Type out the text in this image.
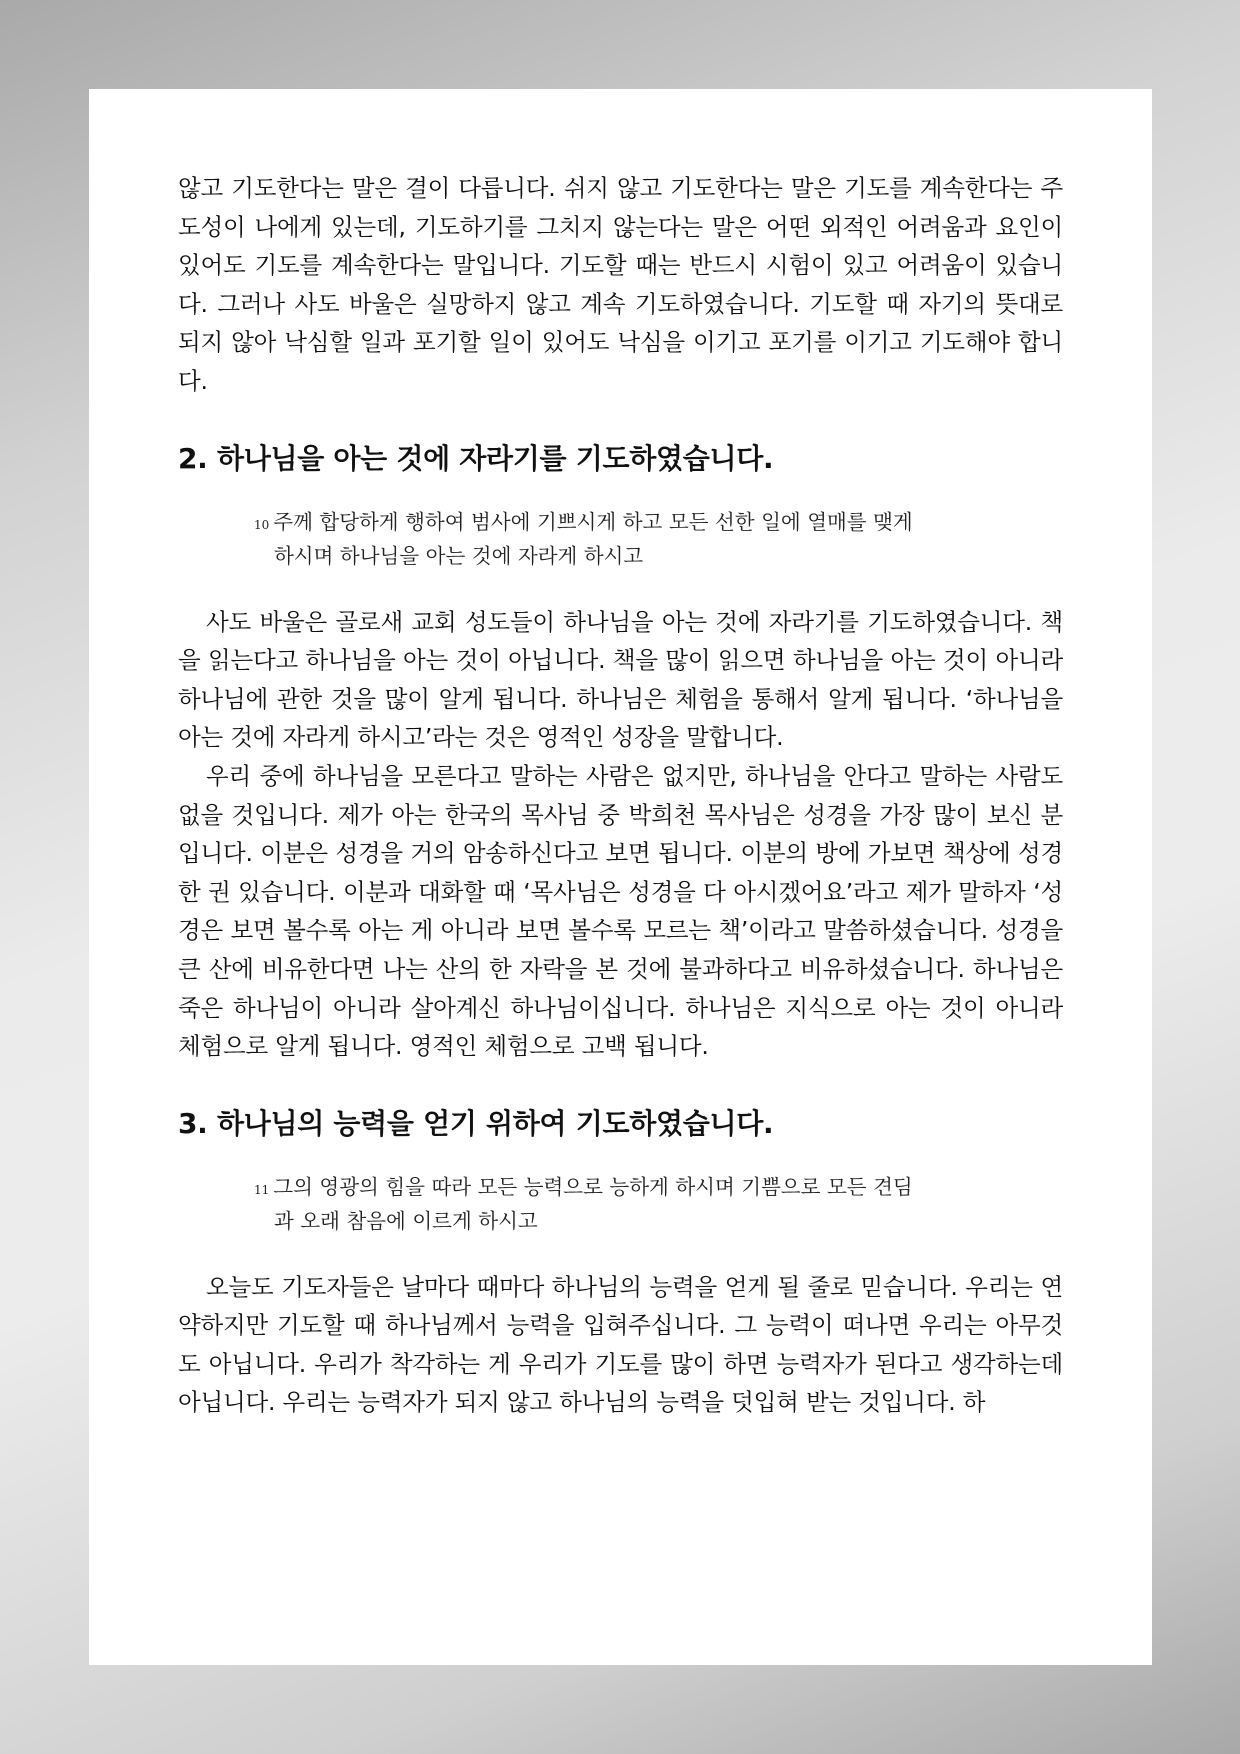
않고 기도한다는 말은 결이 다릅니다. 쉬지 않고 기도한다는 말은 기도를 계속한다는 주도성이 나에게 있는데, 기도하기를 그치지 않는다는 말은 어떤 외적인 어려움과 요인이 있어도 기도를 계속한다는 말입니다. 기도할 때는 반드시 시험이 있고 어려움이 있습니다. 그러나 사도 바울은 실망하지 않고 계속 기도하였습니다. 기도할 때 자기의 뜻대로 되지 않아 낙심할 일과 포기할 일이 있어도 낙심을 이기고 포기를 이기고 기도해야 합니다.

2. 하나님을 아는 것에 자라기를 기도하였습니다.
$^{10}$ 주께 합당하게 행하여 범사에 기쁘시게 하고 모든 선한 일에 열매를 맺게
하시며 하나님을 아는 것에 자라게 하시고

사도 바울은 골로새 교회 성도들이 하나님을 아는 것에 자라기를 기도하였습니다. 책을 읽는다고 하나님을 아는 것이 아닙니다. 책을 많이 읽으면 하나님을 아는 것이 아니라 하나님에 관한 것을 많이 알게 됩니다. 하나님은 체험을 통해서 알게 됩니다. ‘하나님을 아는 것에 자라게 하시고’라는 것은 영적인 성장을 말합니다.

우리 중에 하나님을 모른다고 말하는 사람은 없지만, 하나님을 안다고 말하는 사람도 없을 것입니다. 제가 아는 한국의 목사님 중 박희천 목사님은 성경을 가장 많이 보신 분입니다. 이분은 성경을 거의 암송하신다고 보면 됩니다. 이분의 방에 가보면 책상에 성경 한 권 있습니다. 이분과 대화할 때 ‘목사님은 성경을 다 아시겠어요’라고 제가 말하자 ‘성경은 보면 볼수록 아는 게 아니라 보면 볼수록 모르는 책’이라고 말씀하셨습니다. 성경을 큰 산에 비유한다면 나는 산의 한 자락을 본 것에 불과하다고 비유하셨습니다. 하나님은 죽은 하나님이 아니라 살아계신 하나님이십니다. 하나님은 지식으로 아는 것이 아니라 체험으로 알게 됩니다. 영적인 체험으로 고백 됩니다.

3. 하나님의 능력을 얻기 위하여 기도하였습니다.
$^{11}$ 그의 영광의 힘을 따라 모든 능력으로 능하게 하시며 기쁨으로 모든 견딤
과 오래 참음에 이르게 하시고

오늘도 기도자들은 날마다 때마다 하나님의 능력을 얻게 될 줄로 믿습니다. 우리는 연약하지만 기도할 때 하나님께서 능력을 입혀주십니다. 그 능력이 떠나면 우리는 아무것도 아닙니다. 우리가 착각하는 게 우리가 기도를 많이 하면 능력자가 된다고 생각하는데 아닙니다. 우리는 능력자가 되지 않고 하나님의 능력을 덧입혀 받는 것입니다. 하
